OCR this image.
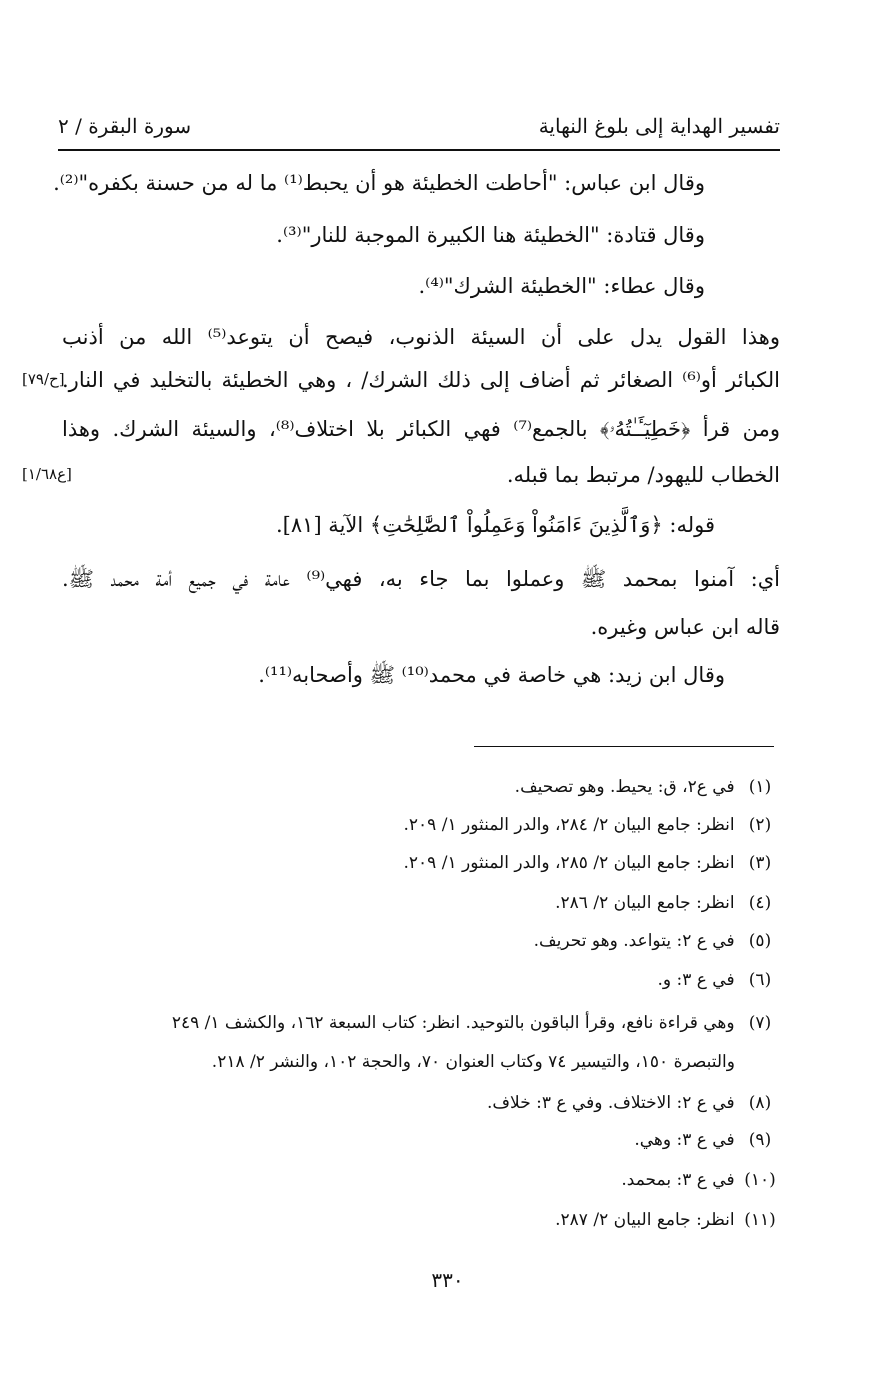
تفسير الهداية إلى بلوغ النهاية
سورة البقرة / ٢
وقال ابن عباس: "أحاطت الخطيئة هو أن يحبط⁽¹⁾ ما له من حسنة بكفره"⁽²⁾.
وقال قتادة: "الخطيئة هنا الكبيرة الموجبة للنار"⁽³⁾.
وقال عطاء: "الخطيئة الشرك"⁽⁴⁾.
وهذا القول يدل على أن السيئة الذنوب، فيصح أن يتوعد⁽⁵⁾ الله من أذنب
الكبائر أو⁽⁶⁾ الصغائر ثم أضاف إلى ذلك الشرك/ ، وهي الخطيئة بالتخليد في النار.
ومن قرأ ﴿خَطِيٓـَٔـٰتُهُۥ﴾ بالجمع⁽⁷⁾ فهي الكبائر بلا اختلاف⁽⁸⁾، والسيئة الشرك. وهذا
الخطاب لليهود/ مرتبط بما قبله.
قوله: ﴿وَٱلَّذِينَ ءَامَنُواْ وَعَمِلُواْ ٱلصَّٰلِحَٰتِ﴾ الآية [٨١].
أي: آمنوا بمحمد ﷺ وعملوا بما جاء به، فهي⁽⁹⁾ عامة في جميع أمة محمد ﷺ.
قاله ابن عباس وغيره.
وقال ابن زيد: هي خاصة في محمد⁽¹⁰⁾ ﷺ وأصحابه⁽¹¹⁾.
[ح/٧٩]
[ع١/٦٨]
(١) في ع٢، ق: يحيط. وهو تصحيف.
(٢) انظر: جامع البيان ٢/ ٢٨٤، والدر المنثور ١/ ٢٠٩.
(٣) انظر: جامع البيان ٢/ ٢٨٥، والدر المنثور ١/ ٢٠٩.
(٤) انظر: جامع البيان ٢/ ٢٨٦.
(٥) في ع ٢: يتواعد. وهو تحريف.
(٦) في ع ٣: و.
(٧) وهي قراءة نافع، وقرأ الباقون بالتوحيد. انظر: كتاب السبعة ١٦٢، والكشف ١/ ٢٤٩
والتبصرة ١٥٠، والتيسير ٧٤ وكتاب العنوان ٧٠، والحجة ١٠٢، والنشر ٢/ ٢١٨.
(٨) في ع ٢: الاختلاف. وفي ع ٣: خلاف.
(٩) في ع ٣: وهي.
(١٠) في ع ٣: بمحمد.
(١١) انظر: جامع البيان ٢/ ٢٨٧.
٣٣٠
